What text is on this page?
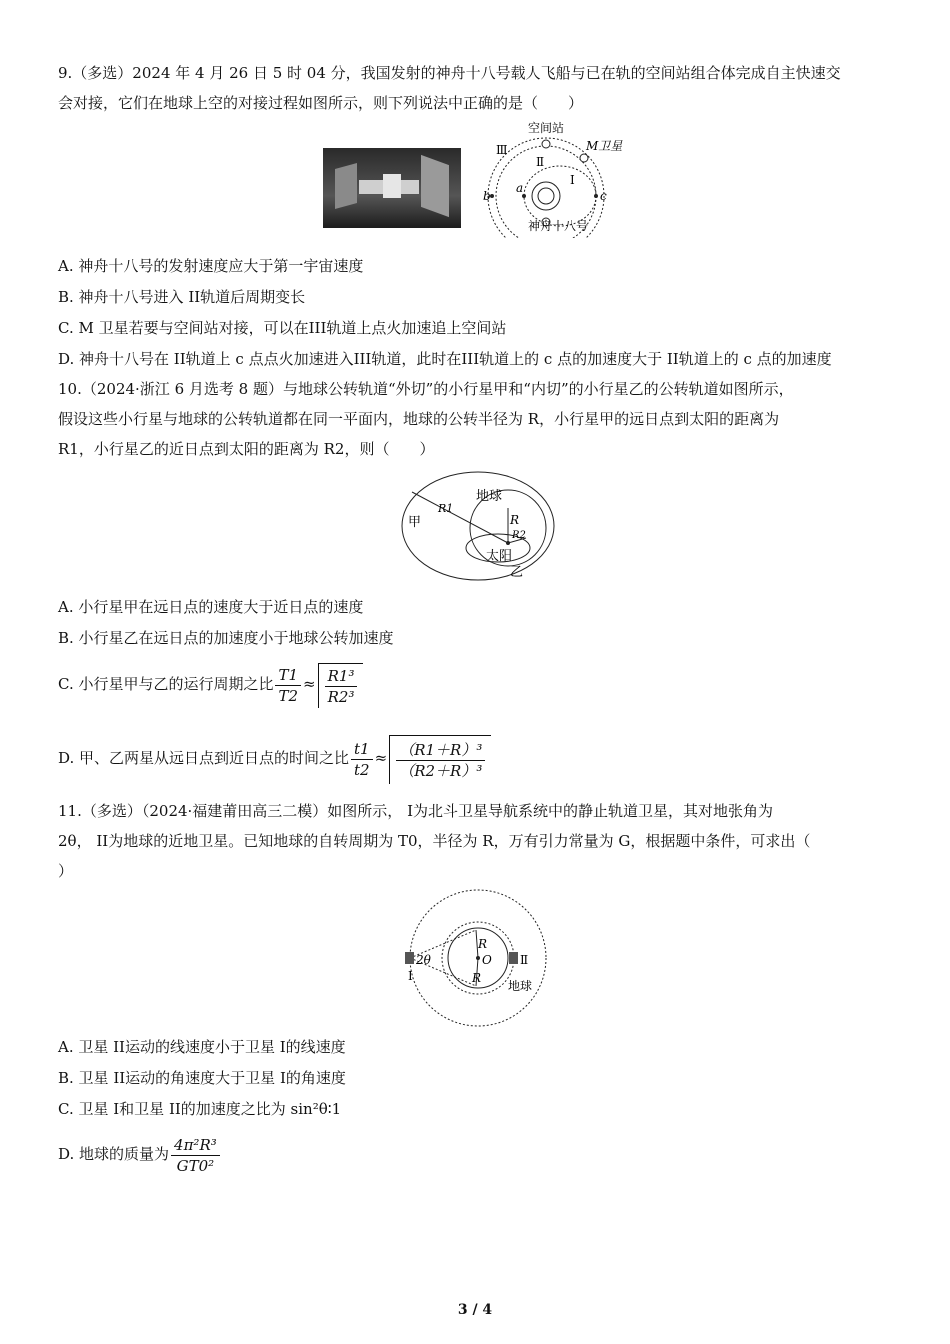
9.（多选）2024 年 4 月 26 日 5 时 04 分，我国发射的神舟十八号载人飞船与已在轨的空间站组合体完成自主快速交
会对接，它们在地球上空的对接过程如图所示，则下列说法中正确的是（　　）
空间站
M卫星
Ⅲ
Ⅱ
Ⅰ
a
b	c
神舟十八号
A. 神舟十八号的发射速度应大于第一宇宙速度
B. 神舟十八号进入 II轨道后周期变长
C. M 卫星若要与空间站对接，可以在III轨道上点火加速追上空间站
D. 神舟十八号在 II轨道上 c 点点火加速进入III轨道，此时在III轨道上的 c 点的加速度大于 II轨道上的 c 点的加速度
10.（2024·浙江 6 月选考 8 题）与地球公转轨道“外切”的小行星甲和“内切”的小行星乙的公转轨道如图所示，
假设这些小行星与地球的公转轨道都在同一平面内，地球的公转半径为 R，小行星甲的远日点到太阳的距离为
R1，小行星乙的近日点到太阳的距离为 R2，则（　　）
甲
地球
R1
R
R2
太阳
乙
A. 小行星甲在远日点的速度大于近日点的速度
B. 小行星乙在远日点的加速度小于地球公转加速度
C. 小行星甲与乙的运行周期之比 $\frac{T1}{T2} \approx \frac{\text{R1³}}{\text{R2³}}$
D. 甲、乙两星从远日点到近日点的时间之比 $\frac{t1}{t2} \approx \frac{\text{（R1＋R）³}}{\text{（R2＋R）³}}$
11.（多选）（2024·福建莆田高三二模）如图所示， I为北斗卫星导航系统中的静止轨道卫星，其对地张角为
2θ， II为地球的近地卫星。已知地球的自转周期为 T0，半径为 R，万有引力常量为 G，根据题中条件，可求出（
）
2θ
Ⅰ
Ⅱ
R
R
O
地球
A. 卫星 II运动的线速度小于卫星 I的线速度
B. 卫星 II运动的角速度大于卫星 I的角速度
C. 卫星 I和卫星 II的加速度之比为 sin²θ∶1
D. 地球的质量为 $\frac{\text{4π²R³}}{\text{GT0²}}$
3 / 4
